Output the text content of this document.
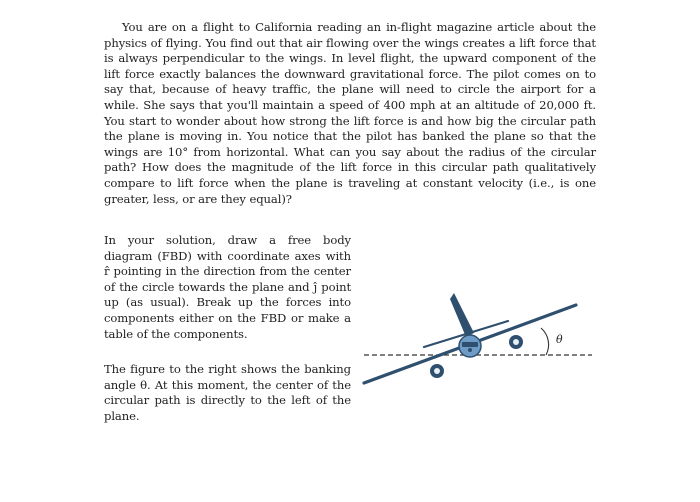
You are on a flight to California reading an in-flight magazine article about the physics of flying. You find out that air flowing over the wings creates a lift force that is always perpendicular to the wings. In level flight, the upward component of the lift force exactly balances the downward gravitational force. The pilot comes on to say that, because of heavy traffic, the plane will need to circle the airport for a while. She says that you'll maintain a speed of 400 mph at an altitude of 20,000 ft. You start to wonder about how strong the lift force is and how big the circular path the plane is moving in. You notice that the pilot has banked the plane so that the wings are 10° from horizontal. What can you say about the radius of the circular path? How does the magnitude of the lift force in this circular path qualitatively compare to lift force when the plane is traveling at constant velocity (i.e., is one greater, less, or are they equal)?

In your solution, draw a free body diagram (FBD) with coordinate axes with r̂ pointing in the direction from the center of the circle towards the plane and ĵ point up (as usual). Break up the forces into components either on the FBD or make a table of the components.

The figure to the right shows the banking angle θ. At this moment, the center of the circular path is directly to the left of the plane.

θ
